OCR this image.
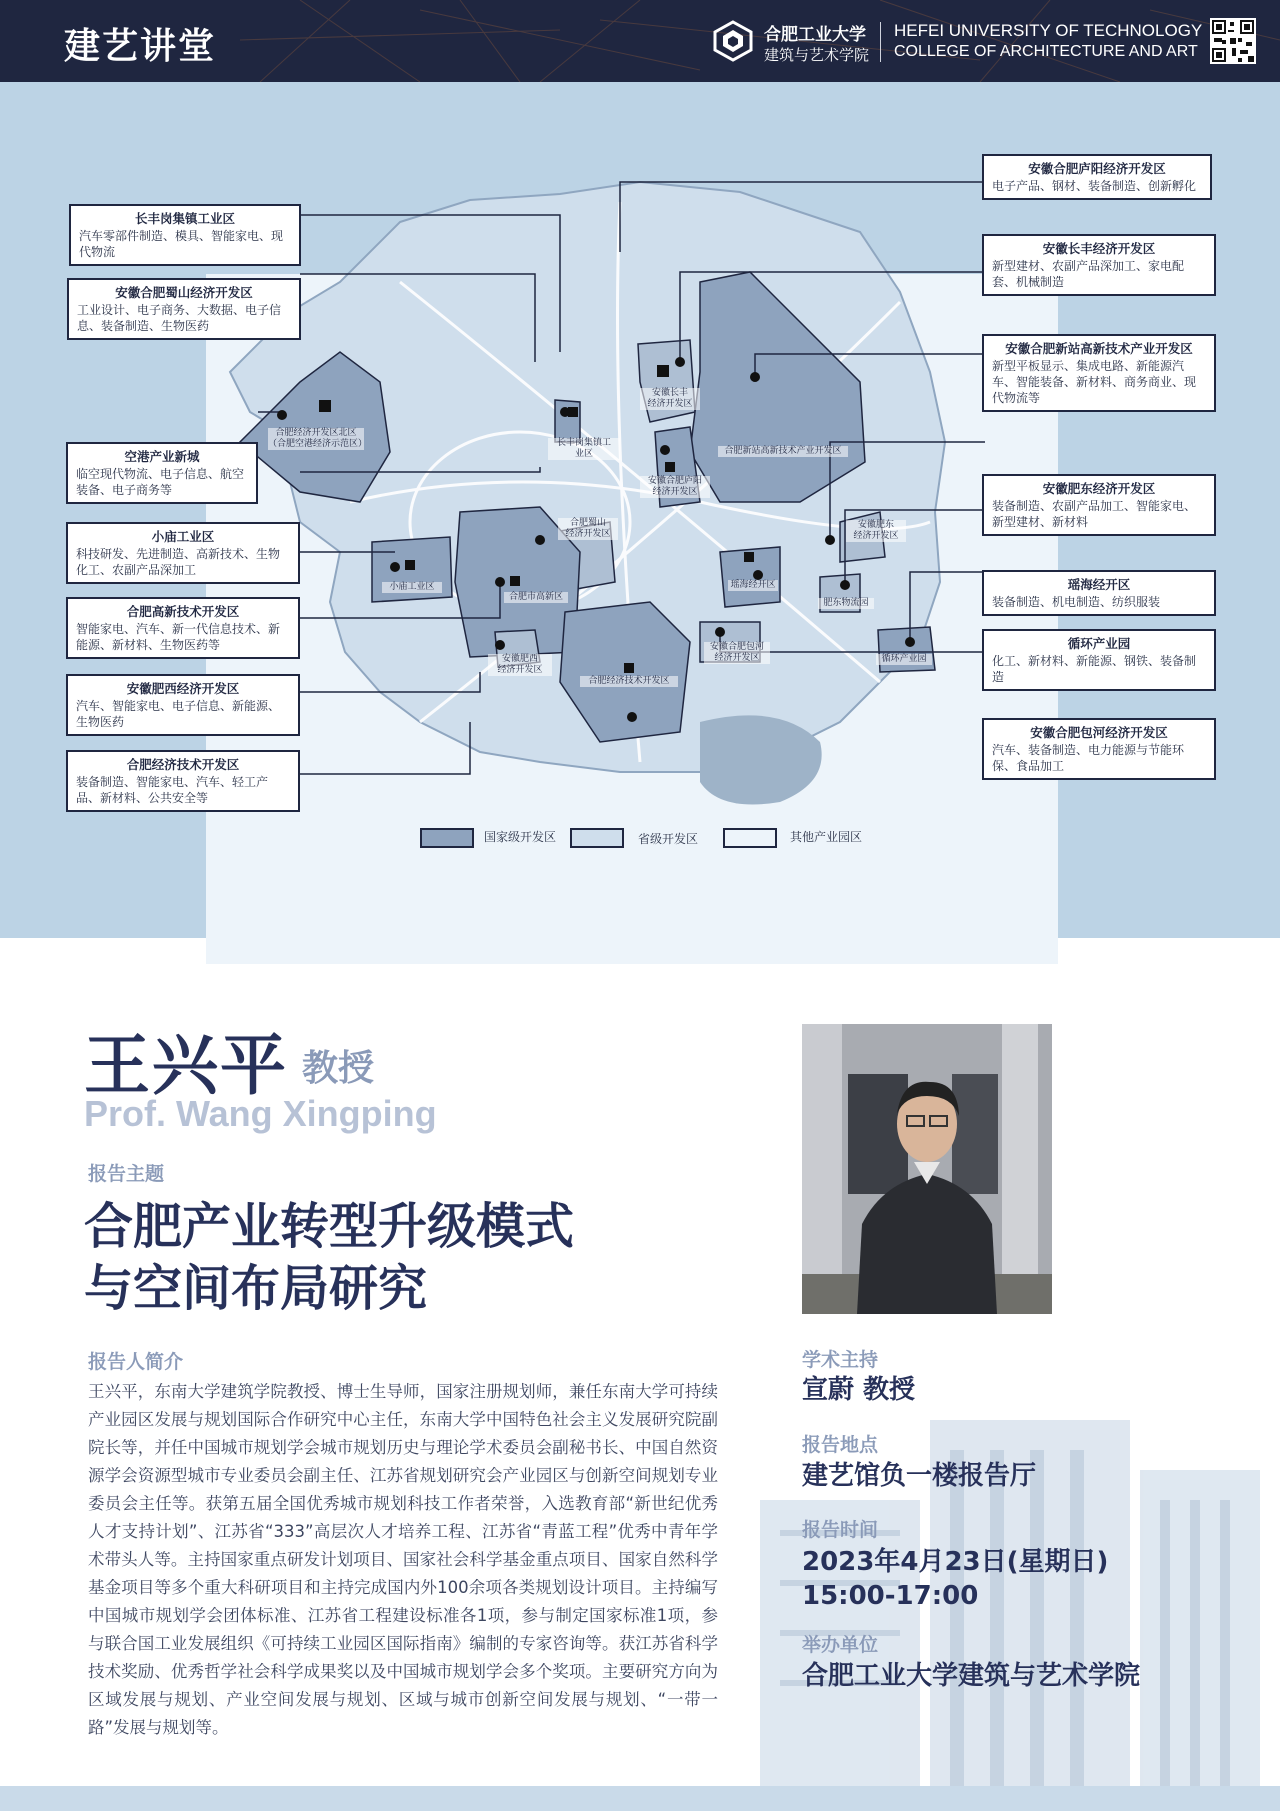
建艺讲堂	合肥工业大学
建筑与艺术学院
HEFEI UNIVERSITY OF TECHNOLOGY
COLLEGE OF ARCHITECTURE AND ART
长丰岗集镇工业区
汽车零部件制造、模具、智能家电、现代物流
安徽合肥蜀山经济开发区
工业设计、电子商务、大数据、电子信息、装备制造、生物医药
空港产业新城
临空现代物流、电子信息、航空装备、电子商务等
小庙工业区
科技研发、先进制造、高新技术、生物化工、农副产品深加工
合肥高新技术开发区
智能家电、汽车、新一代信息技术、新能源、新材料、生物医药等
安徽肥西经济开发区
汽车、智能家电、电子信息、新能源、生物医药
合肥经济技术开发区
装备制造、智能家电、汽车、轻工产品、新材料、公共安全等
安徽合肥庐阳经济开发区
电子产品、钢材、装备制造、创新孵化
安徽长丰经济开发区
新型建材、农副产品深加工、家电配套、机械制造
安徽合肥新站高新技术产业开发区
新型平板显示、集成电路、新能源汽车、智能装备、新材料、商务商业、现代物流等
安徽肥东经济开发区
装备制造、农副产品加工、智能家电、新型建材、新材料
瑶海经开区
装备制造、机电制造、纺织服装
循环产业园
化工、新材料、新能源、钢铁、装备制造
安徽合肥包河经济开发区
汽车、装备制造、电力能源与节能环保、食品加工
合肥经济开发区北区
（合肥空港经济示范区）	长丰岗集镇工
业区
安徽长丰
经济开发区
合肥新站高新技术产业开发区
安徽合肥庐阳
经济开发区
合肥蜀山
经济开发区
小庙工业区
合肥市高新区
安徽肥东
经济开发区
瑶海经开区
肥东物流园
安徽肥西
经济开发区
合肥经济技术开发区
安徽合肥包河
经济开发区	循环产业园
国家级开发区	省级开发区	其他产业园区
王兴平 教授
Prof. Wang Xingping
报告主题
合肥产业转型升级模式
与空间布局研究
报告人简介
王兴平，东南大学建筑学院教授、博士生导师，国家注册规划师，兼任东南大学可持续产业园区发展与规划国际合作研究中心主任，东南大学中国特色社会主义发展研究院副院长等，并任中国城市规划学会城市规划历史与理论学术委员会副秘书长、中国自然资源学会资源型城市专业委员会副主任、江苏省规划研究会产业园区与创新空间规划专业委员会主任等。获第五届全国优秀城市规划科技工作者荣誉，入选教育部“新世纪优秀人才支持计划”、江苏省“333”高层次人才培养工程、江苏省“青蓝工程”优秀中青年学术带头人等。主持国家重点研发计划项目、国家社会科学基金重点项目、国家自然科学基金项目等多个重大科研项目和主持完成国内外100余项各类规划设计项目。主持编写中国城市规划学会团体标准、江苏省工程建设标准各1项，参与制定国家标准1项，参与联合国工业发展组织《可持续工业园区国际指南》编制的专家咨询等。获江苏省科学技术奖励、优秀哲学社会科学成果奖以及中国城市规划学会多个奖项。主要研究方向为区域发展与规划、产业空间发展与规划、区域与城市创新空间发展与规划、“一带一路”发展与规划等。
学术主持
宣蔚 教授
报告地点
建艺馆负一楼报告厅
报告时间
2023年4月23日(星期日)
15:00-17:00
举办单位
合肥工业大学建筑与艺术学院
